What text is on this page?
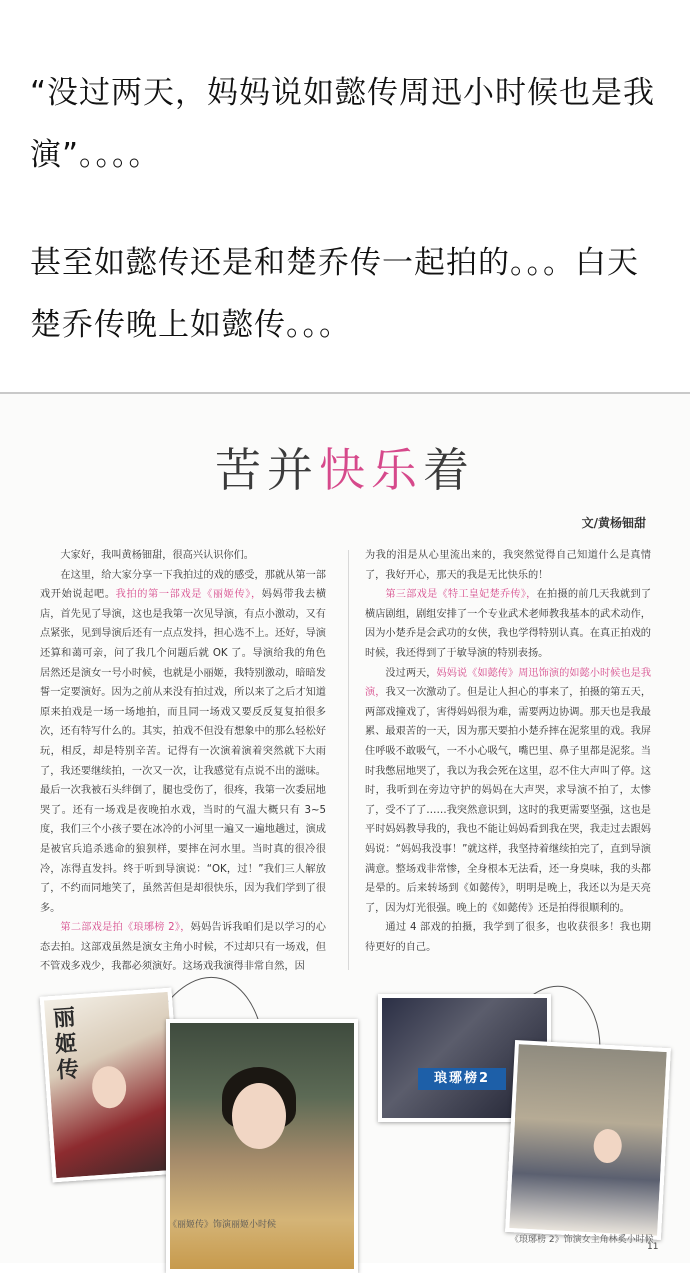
“没过两天，妈妈说如懿传周迅小时候也是我演”。。。。

甚至如懿传还是和楚乔传一起拍的。。。白天楚乔传晚上如懿传。。。

苦并快乐着
文/黄杨钿甜

大家好，我叫黄杨钿甜，很高兴认识你们。

在这里，给大家分享一下我拍过的戏的感受，那就从第一部戏开始说起吧。我拍的第一部戏是《丽姬传》，妈妈带我去横店，首先见了导演，这也是我第一次见导演，有点小激动，又有点紧张，见到导演后还有一点点发抖，担心选不上。还好，导演还算和蔼可亲，问了我几个问题后就 OK 了。导演给我的角色居然还是演女一号小时候，也就是小丽姬，我特别激动，暗暗发誓一定要演好。因为之前从来没有拍过戏，所以来了之后才知道原来拍戏是一场一场地拍，而且同一场戏又要反反复复拍很多次，还有特写什么的。其实，拍戏不但没有想象中的那么轻松好玩，相反，却是特别辛苦。记得有一次演着演着突然就下大雨了，我还要继续拍，一次又一次，让我感觉有点说不出的滋味。最后一次我被石头绊倒了，腿也受伤了，很疼，我第一次委屈地哭了。还有一场戏是夜晚拍水戏，当时的气温大概只有 3~5 度，我们三个小孩子要在冰冷的小河里一遍又一遍地趟过，演成是被官兵追杀逃命的狼狈样，要摔在河水里。当时真的很冷很冷，冻得直发抖。终于听到导演说：“OK，过！”我们三人解放了，不约而同地笑了，虽然苦但是却很快乐，因为我们学到了很多。

第二部戏是拍《琅琊榜 2》，妈妈告诉我咱们是以学习的心态去拍。这部戏虽然是演女主角小时候，不过却只有一场戏，但不管戏多戏少，我都必须演好。这场戏我演得非常自然，因

为我的泪是从心里流出来的，我突然觉得自己知道什么是真情了，我好开心，那天的我是无比快乐的！

第三部戏是《特工皇妃楚乔传》，在拍摄的前几天我就到了横店剧组，剧组安排了一个专业武术老师教我基本的武术动作，因为小楚乔是会武功的女侠，我也学得特别认真。在真正拍戏的时候，我还得到了于敏导演的特别表扬。

没过两天，妈妈说《如懿传》周迅饰演的如懿小时候也是我演，我又一次激动了。但是让人担心的事来了，拍摄的第五天，两部戏撞戏了，害得妈妈很为难，需要两边协调。那天也是我最累、最艰苦的一天，因为那天要拍小楚乔摔在泥浆里的戏。我屏住呼吸不敢吸气，一不小心吸气，嘴巴里、鼻子里都是泥浆。当时我憋屈地哭了，我以为我会死在这里，忍不住大声叫了停。这时，我听到在旁边守护的妈妈在大声哭，求导演不拍了，太惨了，受不了了……我突然意识到，这时的我更需要坚强，这也是平时妈妈教导我的，我也不能让妈妈看到我在哭，我走过去跟妈妈说：“妈妈我没事！”就这样，我坚持着继续拍完了，直到导演满意。整场戏非常惨，全身根本无法看，还一身臭味，我的头都是晕的。后来转场到《如懿传》，明明是晚上，我还以为是天亮了，因为灯光很强。晚上的《如懿传》还是拍得很顺利的。

通过 4 部戏的拍摄，我学到了很多，也收获很多！我也期待更好的自己。

丽姬传	琅琊榜2
《丽姬传》饰演丽姬小时候
《琅琊榜 2》饰演女主角林奚小时候
11
